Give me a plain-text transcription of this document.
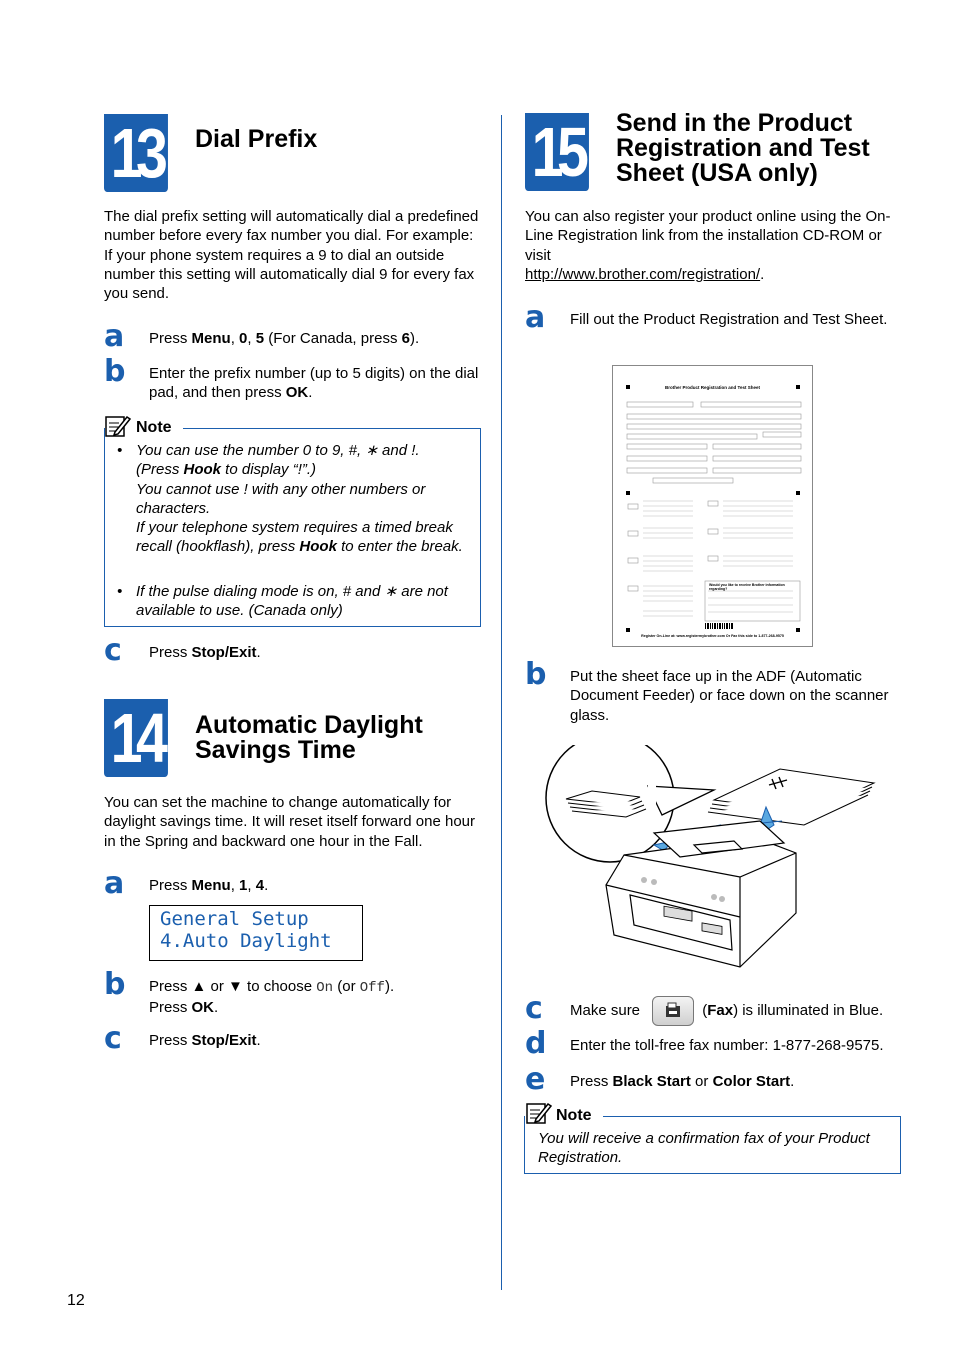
13 Dial Prefix
The dial prefix setting will automatically dial a predefined number before every fax number you dial. For example: If your phone system requires a 9 to dial an outside number this setting will automatically dial 9 for every fax you send.
a Press Menu, 0, 5 (For Canada, press 6).
b Enter the prefix number (up to 5 digits) on the dial pad, and then press OK.
Note
• You can use the number 0 to 9, #, ∗ and !.
(Press Hook to display “!”.)
You cannot use ! with any other numbers or characters.
If your telephone system requires a timed break recall (hookflash), press Hook to enter the break.
• If the pulse dialing mode is on, # and ∗ are not available to use. (Canada only)
c Press Stop/Exit.
14 Automatic Daylight
Savings Time
You can set the machine to change automatically for daylight savings time. It will reset itself forward one hour in the Spring and backward one hour in the Fall.
a Press Menu, 1, 4.
General Setup
4.Auto Daylight
b Press ▲ or ▼ to choose On (or Off).
Press OK.
c Press Stop/Exit.
12
15 Send in the Product
Registration and Test
Sheet (USA only)
You can also register your product online using the On-Line Registration link from the installation CD-ROM or visit
http://www.brother.com/registration/.
a Fill out the Product Registration and Test Sheet.
Brother Product Registration and Test Sheet
Would you like to receive Brother information regarding?
Register On-Line at: www.registermybrother.com Or Fax this side to 1-877-268-9575
b Put the sheet face up in the ADF (Automatic Document Feeder) or face down on the scanner glass.
c Make sure	(Fax) is illuminated in Blue.
d Enter the toll-free fax number: 1-877-268-9575.
e Press Black Start or Color Start.
Note
You will receive a confirmation fax of your Product Registration.
